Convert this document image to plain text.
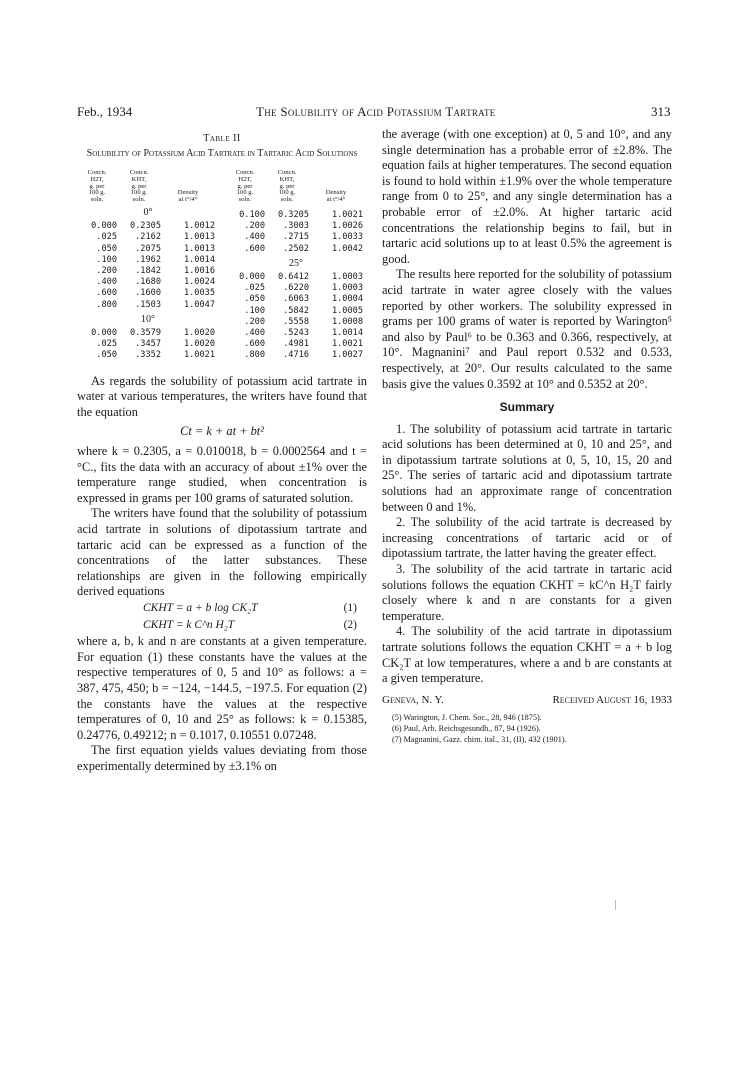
Feb., 1934	The Solubility of Acid Potassium Tartrate	313
Table II
Solubility of Potassium Acid Tartrate in Tartaric Acid Solutions
Concn.
H2T,
g. per
100 g.
soln.
Concn.
KHT,
g. per
100 g.
soln.
Density
at t°/4°
0°
0.000	0.2305	1.0012
.025	.2162	1.0013
.050	.2075	1.0013
.100	.1962	1.0014
.200	.1842	1.0016
.400	.1680	1.0024
.600	.1600	1.0035
.800	.1503	1.0047
10°
0.000	0.3579	1.0020
.025	.3457	1.0020
.050	.3352	1.0021
Concn.
H2T,
g. per
100 g.
soln.
Concn.
KHT,
g. per
100 g.
soln.
Density
at t°/4°
0.100	0.3205	1.0021
.200	.3003	1.0026
.400	.2715	1.0033
.600	.2502	1.0042
25°
0.000	0.6412	1.0003
.025	.6220	1.0003
.050	.6063	1.0004
.100	.5842	1.0005
.200	.5558	1.0008
.400	.5243	1.0014
.600	.4981	1.0021
.800	.4716	1.0027

As regards the solubility of potassium acid tartrate in water at various temperatures, the writers have found that the equation

Ct = k + at + bt²

where k = 0.2305, a = 0.010018, b = 0.0002564 and t = °C., fits the data with an accuracy of about ±1% over the temperature range studied, when concentration is expressed in grams per 100 grams of saturated solution.

The writers have found that the solubility of potassium acid tartrate in solutions of dipotassium tartrate and tartaric acid can be expressed as a function of the concentrations of the latter substances. These relationships are given in the following empirically derived equations

CKHT = a + b log CK₂T	(1)
CKHT = k C^n H₂T	(2)

where a, b, k and n are constants at a given temperature. For equation (1) these constants have the values at the respective temperatures of 0, 5 and 10° as follows: a = 387, 475, 450; b = −124, −144.5, −197.5. For equation (2) the constants have the values at the respective temperatures of 0, 10 and 25° as follows: k = 0.15385, 0.24776, 0.49212; n = 0.1017, 0.10551 0.07248.

The first equation yields values deviating from those experimentally determined by ±3.1% on

the average (with one exception) at 0, 5 and 10°, and any single determination has a probable error of ±2.8%. The equation fails at higher temperatures. The second equation is found to hold within ±1.9% over the whole temperature range from 0 to 25°, and any single determination has a probable error of ±2.0%. At higher tartaric acid concentrations the relationship begins to fail, but in tartaric acid solutions up to at least 0.5% the agreement is good.

The results here reported for the solubility of potassium acid tartrate in water agree closely with the values reported by other workers. The solubility expressed in grams per 100 grams of water is reported by Warington⁵ and also by Paul⁶ to be 0.363 and 0.366, respectively, at 10°. Magnanini⁷ and Paul report 0.532 and 0.533, respectively, at 20°. Our results calculated to the same basis give the values 0.3592 at 10° and 0.5352 at 20°.

Summary

1. The solubility of potassium acid tartrate in tartaric acid solutions has been determined at 0, 10 and 25°, and in dipotassium tartrate solutions at 0, 5, 10, 15, 20 and 25°. The series of tartaric acid and dipotassium tartrate solutions had an approximate range of concentration between 0 and 1%.

2. The solubility of the acid tartrate is decreased by increasing concentrations of tartaric acid or of dipotassium tartrate, the latter having the greater effect.

3. The solubility of the acid tartrate in tartaric acid solutions follows the equation CKHT = kC^n H₂T fairly closely where k and n are constants for a given temperature.

4. The solubility of the acid tartrate in dipotassium tartrate solutions follows the equation CKHT = a + b log CK₂T at low temperatures, where a and b are constants at a given temperature.

Geneva, N. Y.	Received August 16, 1933
(5) Warington, J. Chem. Soc., 28, 946 (1875).
(6) Paul, Arb. Reichsgesundh., 87, 94 (1926).
(7) Magnanini, Gazz. chim. ital., 31, (II), 432 (1901).
